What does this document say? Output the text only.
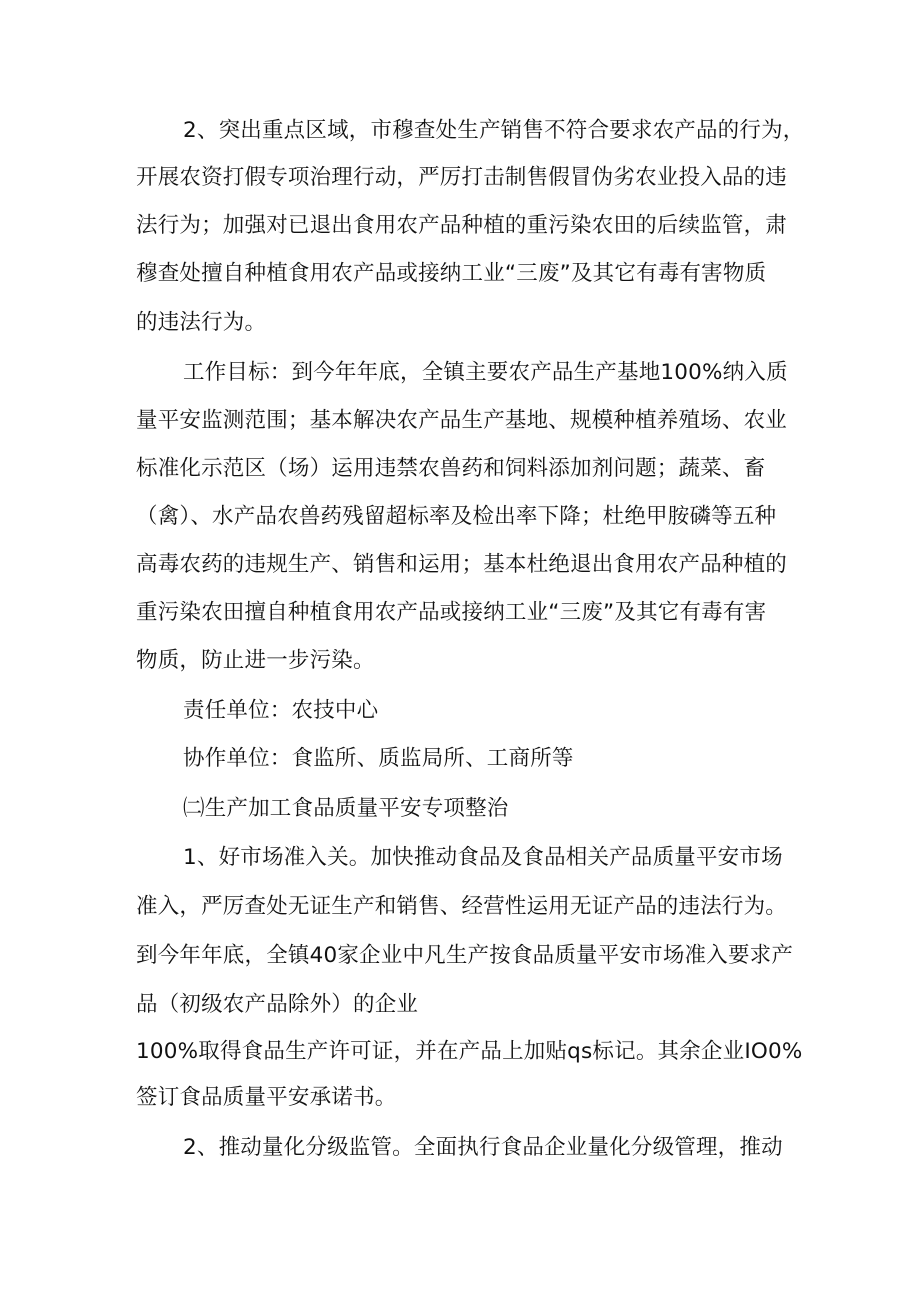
2、突出重点区域，市穆查处生产销售不符合要求农产品的行为，
开展农资打假专项治理行动，严厉打击制售假冒伪劣农业投入品的违
法行为；加强对已退出食用农产品种植的重污染农田的后续监管，肃
穆查处擅自种植食用农产品或接纳工业“三废”及其它有毒有害物质
的违法行为。
工作目标：到今年年底，全镇主要农产品生产基地100%纳入质
量平安监测范围；基本解决农产品生产基地、规模种植养殖场、农业
标准化示范区（场）运用违禁农兽药和饲料添加剂问题；蔬菜、畜
（禽）、水产品农兽药残留超标率及检出率下降；杜绝甲胺磷等五种
高毒农药的违规生产、销售和运用；基本杜绝退出食用农产品种植的
重污染农田擅自种植食用农产品或接纳工业“三废”及其它有毒有害
物质，防止进一步污染。
责任单位：农技中心
协作单位：食监所、质监局所、工商所等
㈡生产加工食品质量平安专项整治
1、好市场准入关。加快推动食品及食品相关产品质量平安市场
准入，严厉查处无证生产和销售、经营性运用无证产品的违法行为。
到今年年底，全镇40家企业中凡生产按食品质量平安市场准入要求产
品（初级农产品除外）的企业
100%取得食品生产许可证，并在产品上加贴qs标记。其余企业IO0%
签订食品质量平安承诺书。
2、推动量化分级监管。全面执行食品企业量化分级管理，推动
